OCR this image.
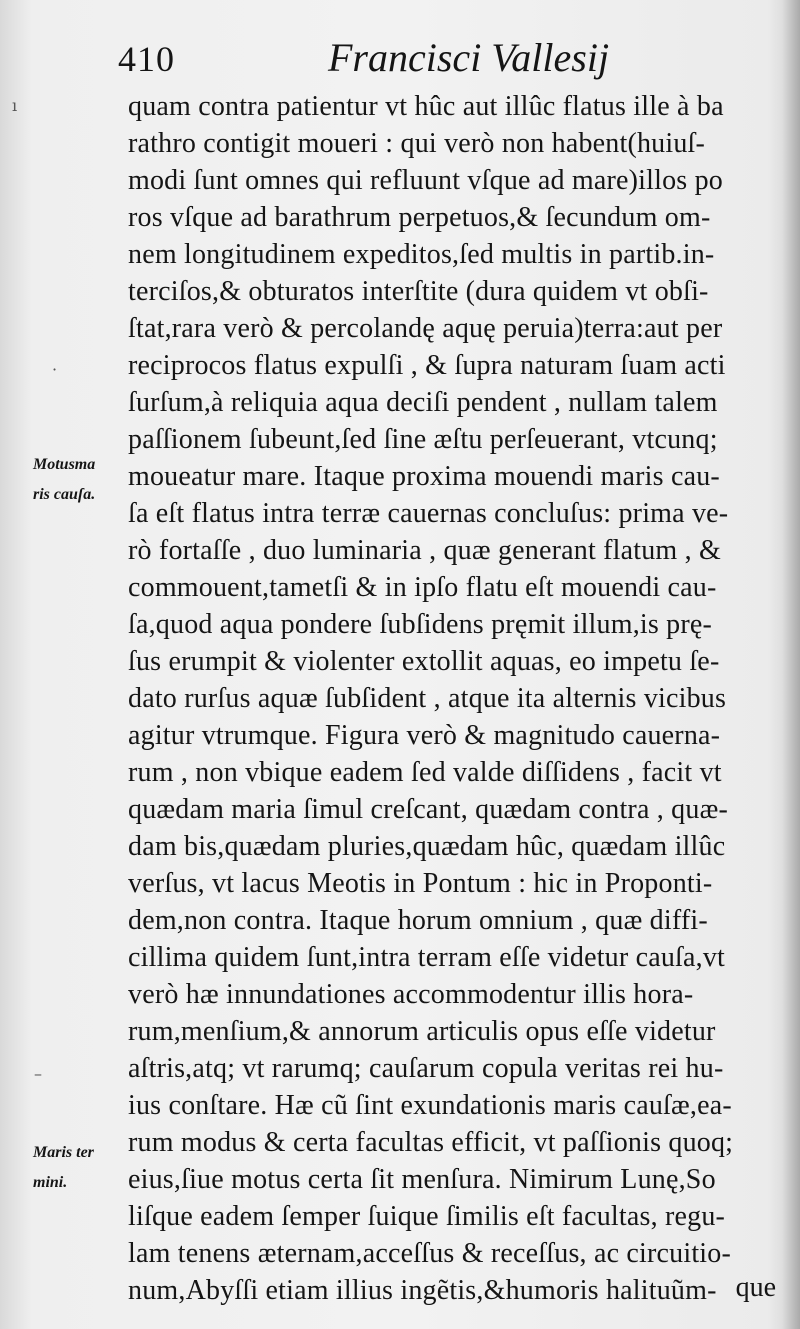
410	Francisci Vallesij
quam contra patientur vt hûc aut illûc flatus ille à ba
rathro contigit moueri : qui verò non habent(huiuſ-
modi ſunt omnes qui refluunt vſque ad mare)illos po
ros vſque ad barathrum perpetuos,& ſecundum om-
nem longitudinem expeditos,ſed multis in partib.in-
terciſos,& obturatos interſtite (dura quidem vt obſi-
ſtat,rara verò & percolandę aquę peruia)terra:aut per
reciprocos flatus expulſi , & ſupra naturam ſuam acti
ſurſum,à reliquia aqua deciſi pendent , nullam talem
paſſionem ſubeunt,ſed ſine æſtu perſeuerant, vtcunq;
moueatur mare. Itaque proxima mouendi maris cau-
ſa eſt flatus intra terræ cauernas concluſus: prima ve-
rò fortaſſe , duo luminaria , quæ generant flatum , &
commouent,tametſi & in ipſo flatu eſt mouendi cau-
ſa,quod aqua pondere ſubſidens pręmit illum,is prę-
ſus erumpit & violenter extollit aquas, eo impetu ſe-
dato rurſus aquæ ſubſident , atque ita alternis vicibus
agitur vtrumque. Figura verò & magnitudo cauerna-
rum , non vbique eadem ſed valde diſſidens , facit vt
quædam maria ſimul creſcant, quædam contra , quæ-
dam bis,quædam pluries,quædam hûc, quædam illûc
verſus, vt lacus Meotis in Pontum : hic in Proponti-
dem,non contra. Itaque horum omnium , quæ diffi-
cillima quidem ſunt,intra terram eſſe videtur cauſa,vt
verò hæ innundationes accommodentur illis hora-
rum,menſium,& annorum articulis opus eſſe videtur
aſtris,atq; vt rarumq; cauſarum copula veritas rei hu-
ius conſtare. Hæ cũ ſint exundationis maris cauſæ,ea-
rum modus & certa facultas efficit, vt paſſionis quoq;
eius,ſiue motus certa ſit menſura. Nimirum Lunę,So
liſque eadem ſemper ſuique ſimilis eſt facultas, regu-
lam tenens æternam,acceſſus & receſſus, ac circuitio-
num,Abyſſi etiam illius ingẽtis,&humoris halituũm- que
Motusma
ris cauſa.
Maris ter
mini.
ı
·
–
